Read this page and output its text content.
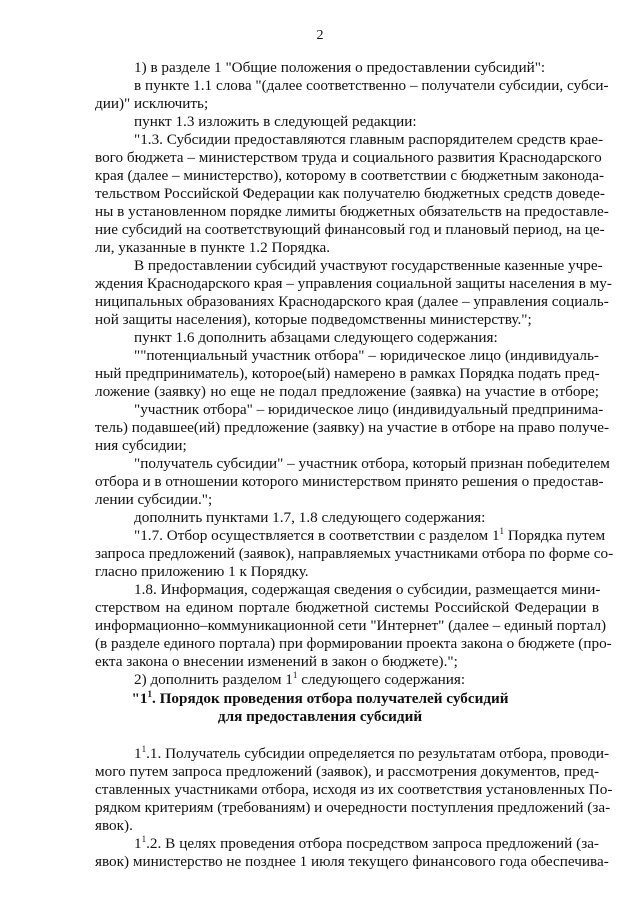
2
1) в разделе 1 "Общие положения о предоставлении субсидий":
в пункте 1.1 слова "(далее соответственно – получатели субсидии, субси-
дии)" исключить;
пункт 1.3 изложить в следующей редакции:
"1.3. Субсидии предоставляются главным распорядителем средств крае-
вого бюджета – министерством труда и социального развития Краснодарского
края (далее – министерство), которому в соответствии с бюджетным законода-
тельством Российской Федерации как получателю бюджетных средств доведе-
ны в установленном порядке лимиты бюджетных обязательств на предоставле-
ние субсидий на соответствующий финансовый год и плановый период, на це-
ли, указанные в пункте 1.2 Порядка.
В предоставлении субсидий участвуют государственные казенные учре-
ждения Краснодарского края – управления социальной защиты населения в му-
ниципальных образованиях Краснодарского края (далее – управления социаль-
ной защиты населения), которые подведомственны министерству.";
пункт 1.6 дополнить абзацами следующего содержания:
""потенциальный участник отбора" – юридическое лицо (индивидуаль-
ный предприниматель), которое(ый) намерено в рамках Порядка подать пред-
ложение (заявку) но еще не подал предложение (заявка) на участие в отборе;
"участник отбора" – юридическое лицо (индивидуальный предпринима-
тель) подавшее(ий) предложение (заявку) на участие в отборе на право получе-
ния субсидии;
"получатель субсидии" – участник отбора, который признан победителем
отбора и в отношении которого министерством принято решения о предостав-
лении субсидии.";
дополнить пунктами 1.7, 1.8 следующего содержания:
"1.7. Отбор осуществляется в соответствии с разделом $1^1$ Порядка путем
запроса предложений (заявок), направляемых участниками отбора по форме со-
гласно приложению 1 к Порядку.
1.8. Информация, содержащая сведения о субсидии, размещается мини-
стерством на едином портале бюджетной системы Российской Федерации в
информационно–коммуникационной сети "Интернет" (далее – единый портал)
(в разделе единого портала) при формировании проекта закона о бюджете (про-
екта закона о внесении изменений в закон о бюджете).";
2) дополнить разделом $1^1$ следующего содержания:
"$1^1$. Порядок проведения отбора получателей субсидий
для предоставления субсидий
$1^1.1$. Получатель субсидии определяется по результатам отбора, проводи-
мого путем запроса предложений (заявок), и рассмотрения документов, пред-
ставленных участниками отбора, исходя из их соответствия установленных По-
рядком критериям (требованиям) и очередности поступления предложений (за-
явок).
$1^1.2$. В целях проведения отбора посредством запроса предложений (за-
явок) министерство не позднее 1 июля текущего финансового года обеспечива-
